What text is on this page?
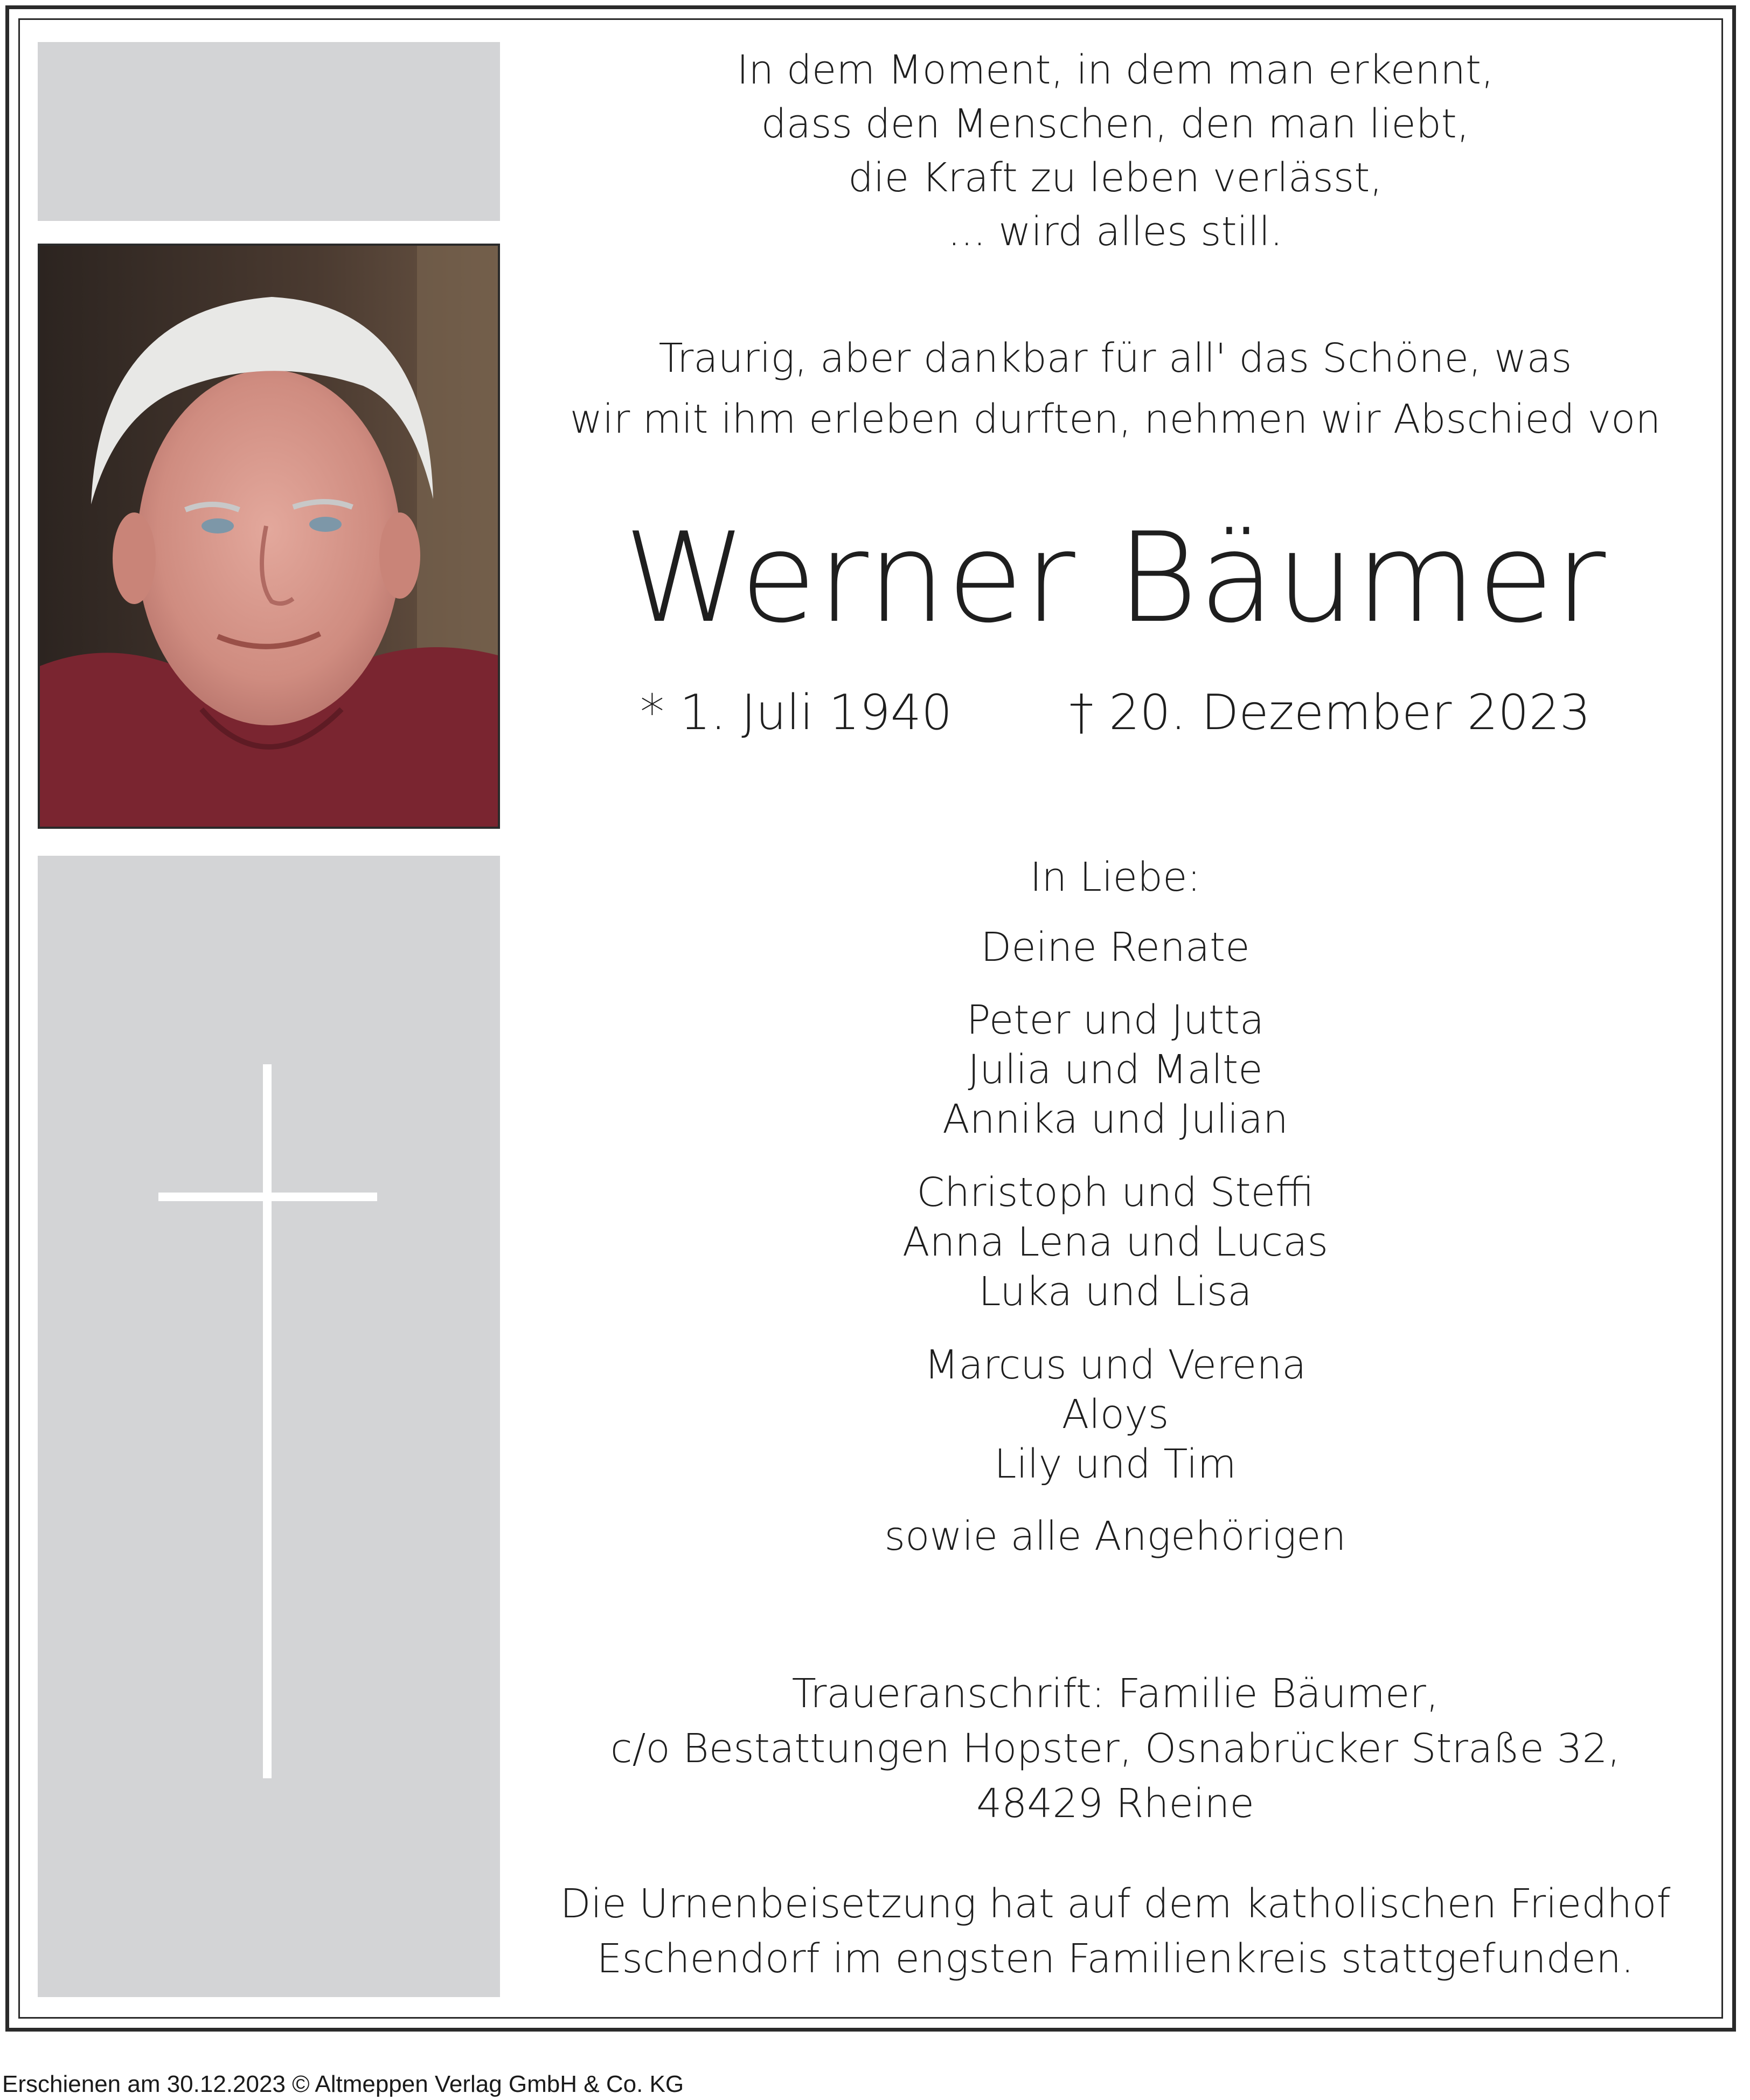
In dem Moment, in dem man erkennt,
dass den Menschen, den man liebt,
die Kraft zu leben verlässt,
... wird alles still.
Traurig, aber dankbar für all' das Schöne, was
wir mit ihm erleben durften, nehmen wir Abschied von
Werner Bäumer
* 1. Juli 1940 † 20. Dezember 2023
In Liebe:
Deine Renate
Peter und Jutta
Julia und Malte
Annika und Julian
Christoph und Steffi
Anna Lena und Lucas
Luka und Lisa
Marcus und Verena
Aloys
Lily und Tim
sowie alle Angehörigen
Traueranschrift: Familie Bäumer,
c/o Bestattungen Hopster, Osnabrücker Straße 32,
48429 Rheine
Die Urnenbeisetzung hat auf dem katholischen Friedhof
Eschendorf im engsten Familienkreis stattgefunden.
Erschienen am 30.12.2023 © Altmeppen Verlag GmbH & Co. KG
